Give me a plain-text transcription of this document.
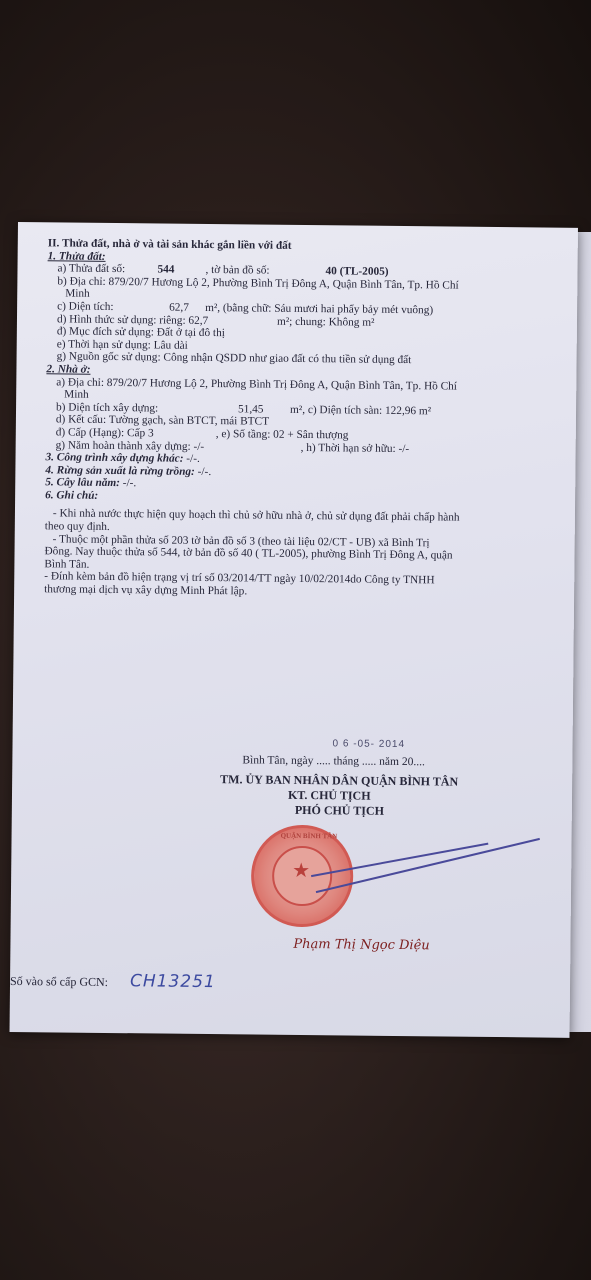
II. Thửa đất, nhà ở và tài sản khác gắn liền với đất
1. Thửa đất:
a) Thửa đất số:	544	, tờ bản đồ số:	40 (TL-2005)
b) Địa chỉ: 879/20/7 Hương Lộ 2, Phường Bình Trị Đông A, Quận Bình Tân, Tp. Hồ Chí
Minh
c) Diện tích:	62,7 m², (bằng chữ: Sáu mươi hai phẩy bảy mét vuông)
d) Hình thức sử dụng: riêng: 62,7	m²; chung: Không m²
đ) Mục đích sử dụng: Đất ở tại đô thị
e) Thời hạn sử dụng: Lâu dài
g) Nguồn gốc sử dụng: Công nhận QSDD như giao đất có thu tiền sử dụng đất
2. Nhà ở:
a) Địa chỉ: 879/20/7 Hương Lộ 2, Phường Bình Trị Đông A, Quận Bình Tân, Tp. Hồ Chí
Minh
b) Diện tích xây dựng:	51,45 m², c) Diện tích sàn: 122,96 m²
d) Kết cấu: Tường gạch, sàn BTCT, mái BTCT
đ) Cấp (Hạng): Cấp 3	, e) Số tầng: 02 + Sân thượng
g) Năm hoàn thành xây dựng: -/-	, h) Thời hạn sở hữu: -/-
3. Công trình xây dựng khác: -/-.
4. Rừng sản xuất là rừng trồng: -/-.
5. Cây lâu năm: -/-.
6. Ghi chú:
- Khi nhà nước thực hiện quy hoạch thì chủ sở hữu nhà ở, chủ sử dụng đất phải chấp hành
theo quy định.
- Thuộc một phần thửa số 203 tờ bản đồ số 3 (theo tài liệu 02/CT - UB) xã Bình Trị
Đông. Nay thuộc thửa số 544, tờ bản đồ số 40 ( TL-2005), phường Bình Trị Đông A, quận
Bình Tân.
- Đính kèm bản đồ hiện trạng vị trí số 03/2014/TT ngày 10/02/2014do Công ty TNHH
thương mại dịch vụ xây dựng Minh Phát lập.
0 6 -05- 2014
Bình Tân, ngày ..... tháng ..... năm 20....
TM. ỦY BAN NHÂN DÂN QUẬN BÌNH TÂN
KT. CHỦ TỊCH
PHÓ CHỦ TỊCH
★
QUẬN BÌNH TÂN
Phạm Thị Ngọc Diệu
Số vào sổ cấp GCN: CH13251
